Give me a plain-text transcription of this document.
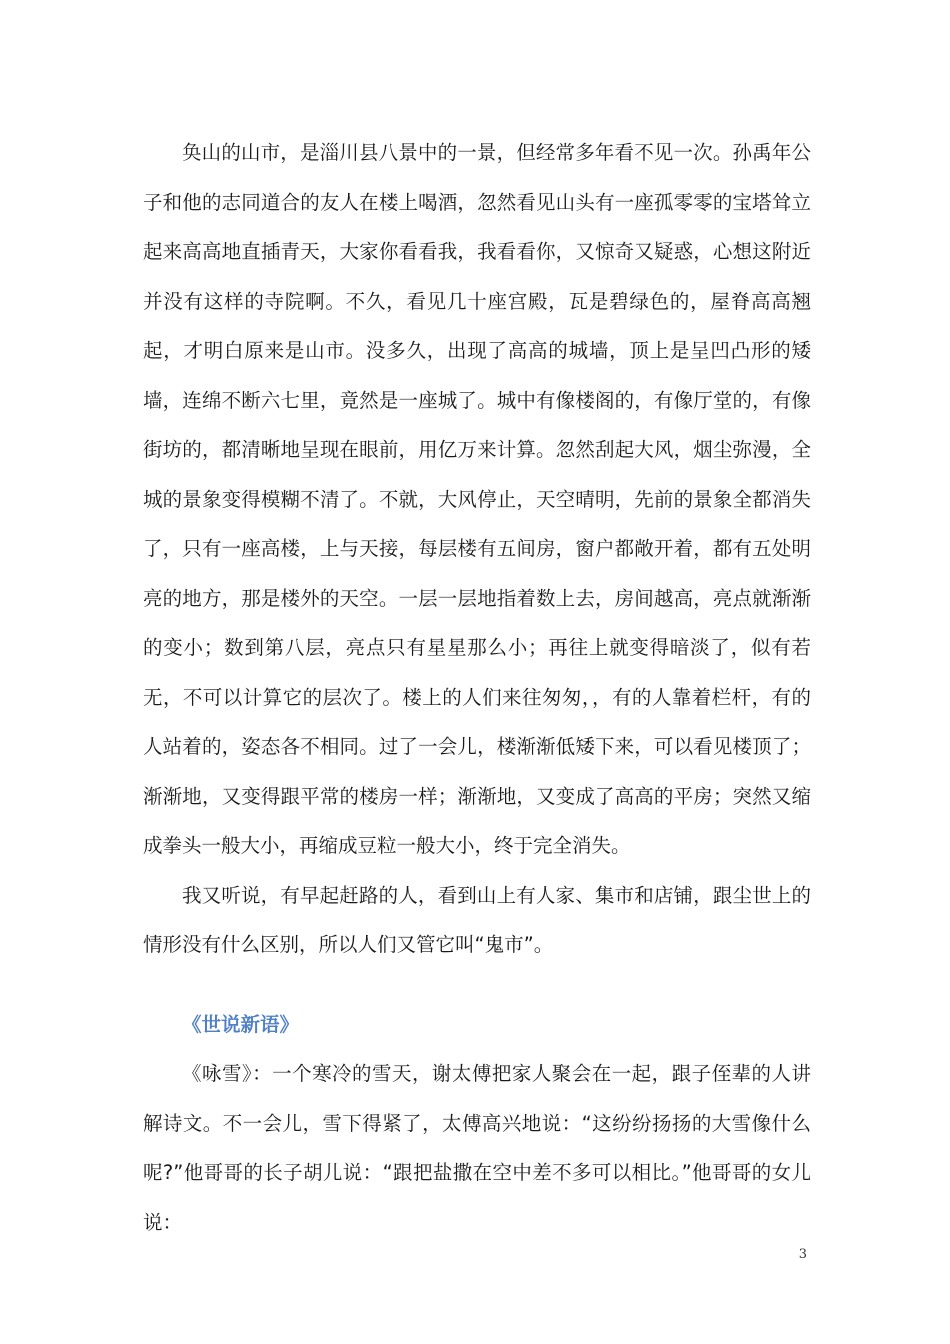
奂山的山市，是淄川县八景中的一景，但经常多年看不见一次。孙禹年公子和他的志同道合的友人在楼上喝酒，忽然看见山头有一座孤零零的宝塔耸立起来高高地直插青天，大家你看看我，我看看你，又惊奇又疑惑，心想这附近并没有这样的寺院啊。不久，看见几十座宫殿，瓦是碧绿色的，屋脊高高翘起，才明白原来是山市。没多久，出现了高高的城墙，顶上是呈凹凸形的矮墙，连绵不断六七里，竟然是一座城了。城中有像楼阁的，有像厅堂的，有像街坊的，都清晰地呈现在眼前，用亿万来计算。忽然刮起大风，烟尘弥漫，全城的景象变得模糊不清了。不就，大风停止，天空晴明，先前的景象全都消失了，只有一座高楼，上与天接，每层楼有五间房，窗户都敞开着，都有五处明亮的地方，那是楼外的天空。一层一层地指着数上去，房间越高，亮点就渐渐的变小；数到第八层，亮点只有星星那么小；再往上就变得暗淡了，似有若无，不可以计算它的层次了。楼上的人们来往匆匆，，有的人靠着栏杆，有的人站着的，姿态各不相同。过了一会儿，楼渐渐低矮下来，可以看见楼顶了；渐渐地，又变得跟平常的楼房一样；渐渐地，又变成了高高的平房；突然又缩成拳头一般大小，再缩成豆粒一般大小，终于完全消失。

我又听说，有早起赶路的人，看到山上有人家、集市和店铺，跟尘世上的情形没有什么区别，所以人们又管它叫“鬼市”。

《世说新语》

《咏雪》：一个寒冷的雪天，谢太傅把家人聚会在一起，跟子侄辈的人讲解诗文。不一会儿，雪下得紧了，太傅高兴地说：“这纷纷扬扬的大雪像什么呢?”他哥哥的长子胡儿说：“跟把盐撒在空中差不多可以相比。”他哥哥的女儿说：

3
